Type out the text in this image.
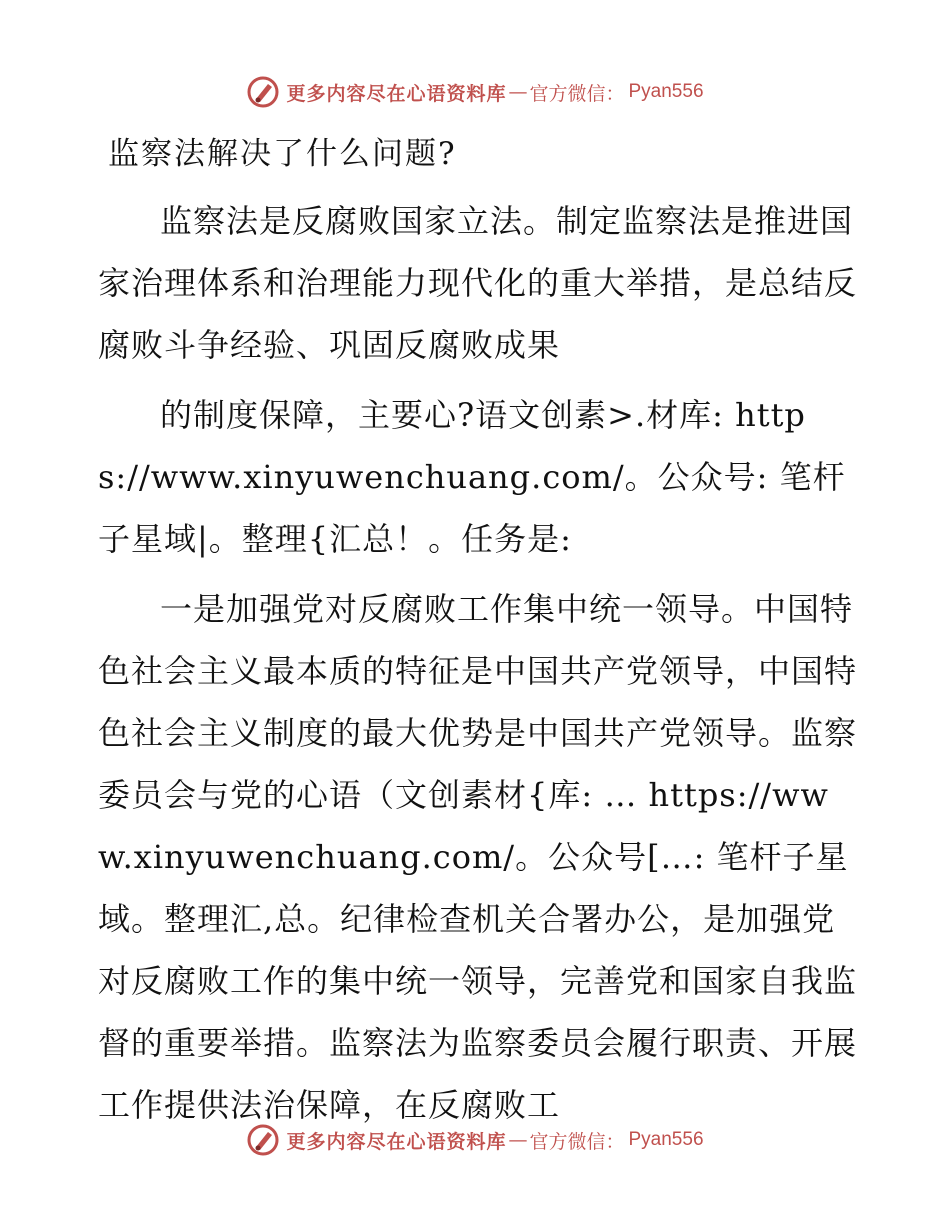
更多内容尽在心语资料库 — 官方微信： Pyan556
监察法解决了什么问题?

监察法是反腐败国家立法。制定监察法是推进国家治理体系和治理能力现代化的重大举措，是总结反腐败斗争经验、巩固反腐败成果

的制度保障，主要心?语文创素>.材库: https://www.xinyuwenchuang.com/。公众号: 笔杆子星域|。整理{汇总！。任务是:

一是加强党对反腐败工作集中统一领导。中国特色社会主义最本质的特征是中国共产党领导，中国特色社会主义制度的最大优势是中国共产党领导。监察委员会与党的心语（文创素材{库: … https://www.xinyuwenchuang.com/。公众号[…: 笔杆子星域。整理汇,总。纪律检查机关合署办公，是加强党对反腐败工作的集中统一领导，完善党和国家自我监督的重要举措。监察法为监察委员会履行职责、开展工作提供法治保障，在反腐败工

更多内容尽在心语资料库 — 官方微信： Pyan556
